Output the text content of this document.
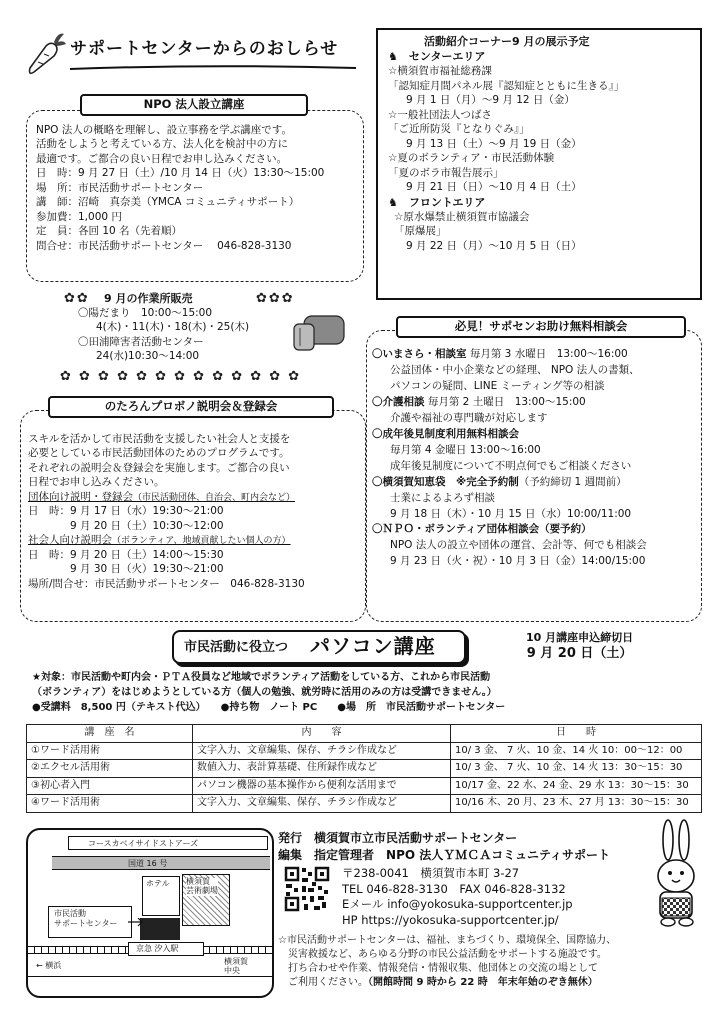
サポートセンターからのおしらせ
NPO 法人設立講座
NPO 法人の概略を理解し、設立事務を学ぶ講座です。
活動をしようと考えている方、法人化を検討中の方に
最適です。ご都合の良い日程でお申し込みください。
日　時：9 月 27 日（土）/10 月 14 日（火）13:30～15:00
場　所：市民活動サポートセンター
講　師：沼崎　真奈美（YMCA コミュニティサポート）
参加費：1,000 円
定　員：各回 10 名（先着順）
問合せ：市民活動サポートセンター　 046-828-3130
✿✿ 9 月の作業所販売	✿✿✿
〇陽だまり　10:00～15:00
4(木)・11(木)・18(木)・25(木)
〇田浦障害者活動センター
24(水)10:30～14:00
✿ ✿ ✿ ✿ ✿ ✿ ✿ ✿ ✿ ✿ ✿ ✿ ✿
のたろんプロボノ説明会＆登録会
スキルを活かして市民活動を支援したい社会人と支援を
必要としている市民活動団体のためのプログラムです。
それぞれの説明会＆登録会を実施します。ご都合の良い
日程でお申し込みください。
団体向け説明・登録会（市民活動団体、自治会、町内会など）
日　時：9 月 17 日（水）19:30～21:00
9 月 20 日（土）10:30～12:00
社会人向け説明会（ボランティア、地域貢献したい個人の方）
日　時：9 月 20 日（土）14:00～15:30
9 月 30 日（火）19:30～21:00
場所/問合せ：市民活動サポートセンター　046-828-3130
活動紹介コーナー9 月の展示予定
♞　 センターエリア
☆横須賀市福祉総務課
「認知症月間パネル展『認知症とともに生きる』」
9 月 1 日（月）～9 月 12 日（金）
☆一般社団法人つばさ
「ご近所防災『となりぐみ』」
9 月 13 日（土）～9 月 19 日（金）
☆夏のボランティア・市民活動体験
「夏のボラ市報告展示」
9 月 21 日（日）～10 月 4 日（土）
♞　 フロントエリア
☆原水爆禁止横須賀市協議会
「原爆展」
9 月 22 日（月）～10 月 5 日（日）
必見！サポセンお助け無料相談会
〇いまさら・相談室 毎月第 3 水曜日　13:00～16:00
公益団体・中小企業などの経理、 NPO 法人の書類、
パソコンの疑問、LINE ミーティング等の相談
〇介護相談 毎月第 2 土曜日　13:00～15:00
介護や福祉の専門職が対応します
〇成年後見制度利用無料相談会
毎月第 4 金曜日 13:00～16:00
成年後見制度について不明点何でもご相談ください
〇横須賀知恵袋　※完全予約制（予約締切 1 週間前）
士業によるよろず相談
9 月 18 日（木）・10 月 15 日（水）10:00/11:00
〇ＮＰＯ・ボランティア団体相談会（要予約）
NPO 法人の設立や団体の運営、会計等、何でも相談会
9 月 23 日（火・祝）・10 月 3 日（金）14:00/15:00
市民活動に役立つ パソコン講座	10 月講座申込締切日
9 月 20 日（土）
★対象：市民活動や町内会・ＰＴＡ役員など地域でボランティア活動をしている方、これから市民活動
（ボランティア）をはじめようとしている方（個人の勉強、就労時に活用のみの方は受講できません。）
●受講料　8,500 円（テキスト代込）　　 ●持ち物　ノート PC　　 ●場　所　市民活動サポートセンター
講　座　名	内　　容	日　　時
①ワード活用術	文字入力、文章編集、保存、チラシ作成など	10/ 3 金、 7 火、10 金、14 火 10：00～12：00
②エクセル活用術	数値入力、表計算基礎、住所録作成など	10/ 3 金、 7 火、10 金、14 火 13：30～15：30
③初心者入門	パソコン機器の基本操作から便利な活用まで	10/17 金、22 水、24 金、29 水 13：30～15：30
④ワード活用術	文字入力、文章編集、保存、チラシ作成など	10/16 木、20 月、23 木、27 月 13：30～15：30
コースカベイサイドストアーズ
国道 16 号
ホテル 横須賀
芸術劇場
市民活動
サポートセンター
京急 汐入駅
← 横浜	横須賀
中央
発行　 横須賀市立市民活動サポートセンター
編集　 指定管理者　NPO 法人ＹＭＣＡコミュニティサポート
〒238-0041　横須賀市本町 3-27
TEL 046-828-3130　FAX 046-828-3132
Eメール info@yokosuka-supportcenter.jp
HP https://yokosuka-supportcenter.jp/
☆市民活動サポートセンターは、福祉、まちづくり、環境保全、国際協力、
災害救援など、あらゆる分野の市民公益活動をサポートする施設です。
打ち合わせや作業、情報発信・情報収集、他団体との交流の場として
ご利用ください。（開館時間 9 時から 22 時　年末年始のぞき無休）
